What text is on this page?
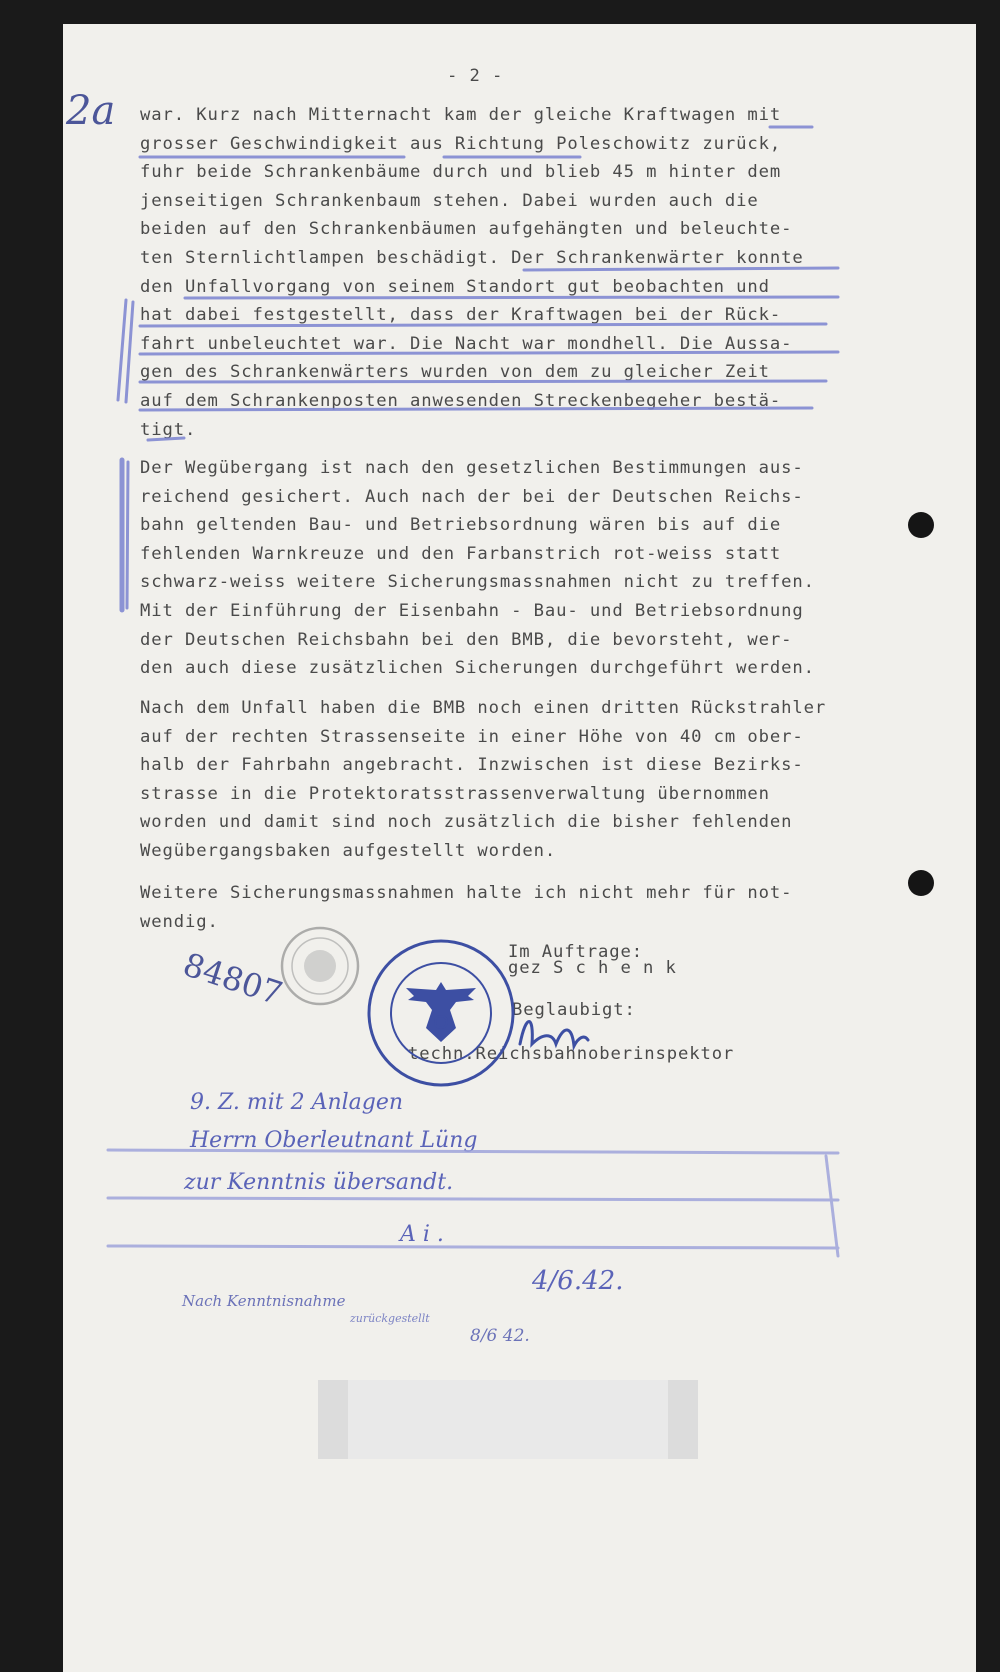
- 2 -
2a war. Kurz nach Mitternacht kam der gleiche Kraftwagen mit
grosser Geschwindigkeit aus Richtung Poleschowitz zurück,
fuhr beide Schrankenbäume durch und blieb 45 m hinter dem
jenseitigen Schrankenbaum stehen. Dabei wurden auch die
beiden auf den Schrankenbäumen aufgehängten und beleuchte-
ten Sternlichtlampen beschädigt. Der Schrankenwärter konnte
den Unfallvorgang von seinem Standort gut beobachten und
hat dabei festgestellt, dass der Kraftwagen bei der Rück-
fahrt unbeleuchtet war. Die Nacht war mondhell. Die Aussa-
gen des Schrankenwärters wurden von dem zu gleicher Zeit
auf dem Schrankenposten anwesenden Streckenbegeher bestä-
tigt.
Der Wegübergang ist nach den gesetzlichen Bestimmungen aus-
reichend gesichert. Auch nach der bei der Deutschen Reichs-
bahn geltenden Bau- und Betriebsordnung wären bis auf die
fehlenden Warnkreuze und den Farbanstrich rot-weiss statt
schwarz-weiss weitere Sicherungsmassnahmen nicht zu treffen.
Mit der Einführung der Eisenbahn - Bau- und Betriebsordnung
der Deutschen Reichsbahn bei den BMB, die bevorsteht, wer-
den auch diese zusätzlichen Sicherungen durchgeführt werden.
Nach dem Unfall haben die BMB noch einen dritten Rückstrahler
auf der rechten Strassenseite in einer Höhe von 40 cm ober-
halb der Fahrbahn angebracht. Inzwischen ist diese Bezirks-
strasse in die Protektoratsstrassenverwaltung übernommen
worden und damit sind noch zusätzlich die bisher fehlenden
Wegübergangsbaken aufgestellt worden.
Weitere Sicherungsmassnahmen halte ich nicht mehr für not-
wendig.
Im Auftrage:
gez S c h e n k
Beglaubigt:
techn.Reichsbahnoberinspektor
84807
9. Z. mit 2 Anlagen
Herrn Oberleutnant Lüng
zur Kenntnis übersandt.
A i .
4/6.42.
Nach Kenntnisnahme
zurückgestellt
8/6 42.
